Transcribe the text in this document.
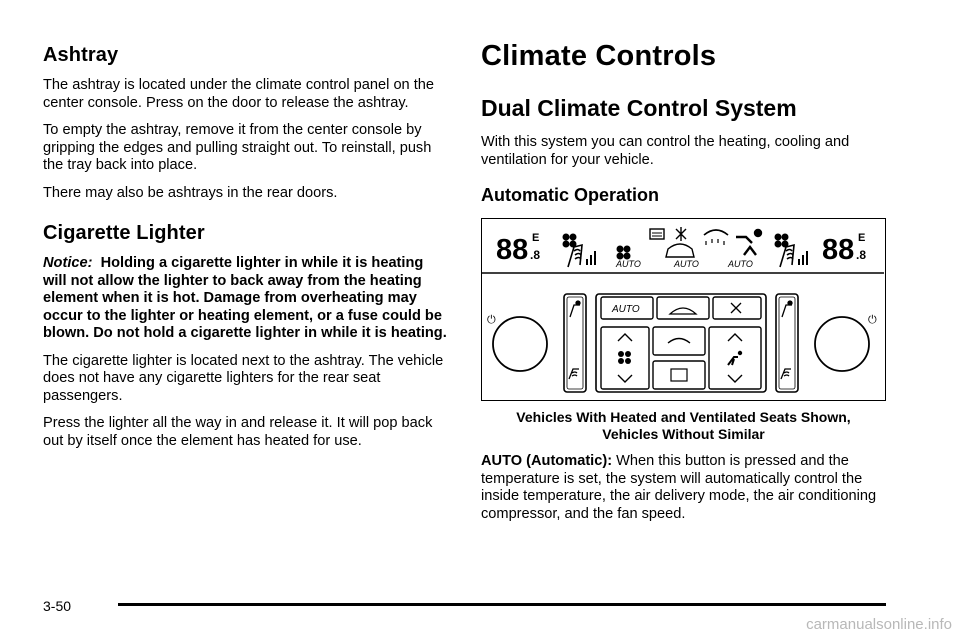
Ashtray

The ashtray is located under the climate control panel on the center console. Press on the door to release the ashtray.

To empty the ashtray, remove it from the center console by gripping the edges and pulling straight out. To reinstall, push the tray back into place.

There may also be ashtrays in the rear doors.

Cigarette Lighter

Notice: Holding a cigarette lighter in while it is heating will not allow the lighter to back away from the heating element when it is hot. Damage from overheating may occur to the lighter or heating element, or a fuse could be blown. Do not hold a cigarette lighter in while it is heating.

The cigarette lighter is located next to the ashtray. The vehicle does not have any cigarette lighters for the rear seat passengers.

Press the lighter all the way in and release it. It will pop back out by itself once the element has heated for use.

Climate Controls
Dual Climate Control System

With this system you can control the heating, cooling and ventilation for your vehicle.

Automatic Operation
88 E
.8
AUTO	AUTO	AUTO 88 E
.8
⏻
AUTO
⏻
Vehicles With Heated and Ventilated Seats Shown,
Vehicles Without Similar

AUTO (Automatic): When this button is pressed and the temperature is set, the system will automatically control the inside temperature, the air delivery mode, the air conditioning compressor, and the fan speed.

3-50
carmanualsonline.info
